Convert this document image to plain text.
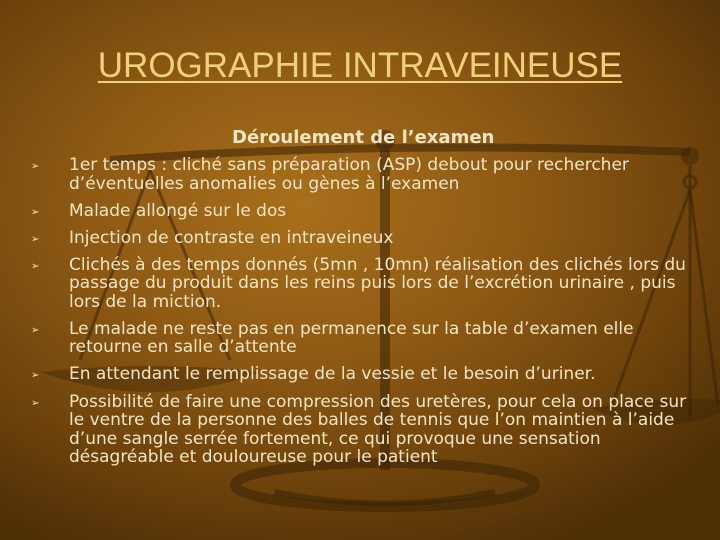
UROGRAPHIE INTRAVEINEUSE
Déroulement de l’examen
➢ 1er temps : cliché sans préparation (ASP) debout pour rechercher d’éventuelles anomalies ou gènes à l’examen
➢ Malade allongé sur le dos
➢ Injection de contraste en intraveineux
➢ Clichés à des temps donnés (5mn , 10mn) réalisation des clichés lors du passage du produit dans les reins puis lors de l’excrétion urinaire , puis lors de la miction.
➢ Le malade ne reste pas en permanence sur la table d’examen elle retourne en salle d’attente
➢ En attendant le remplissage de la vessie et le besoin d’uriner.
➢ Possibilité de faire une compression des uretères, pour cela on place sur le ventre de la personne des balles de tennis que l’on maintien à l’aide d’une sangle serrée fortement, ce qui provoque une sensation désagréable et douloureuse pour le patient
